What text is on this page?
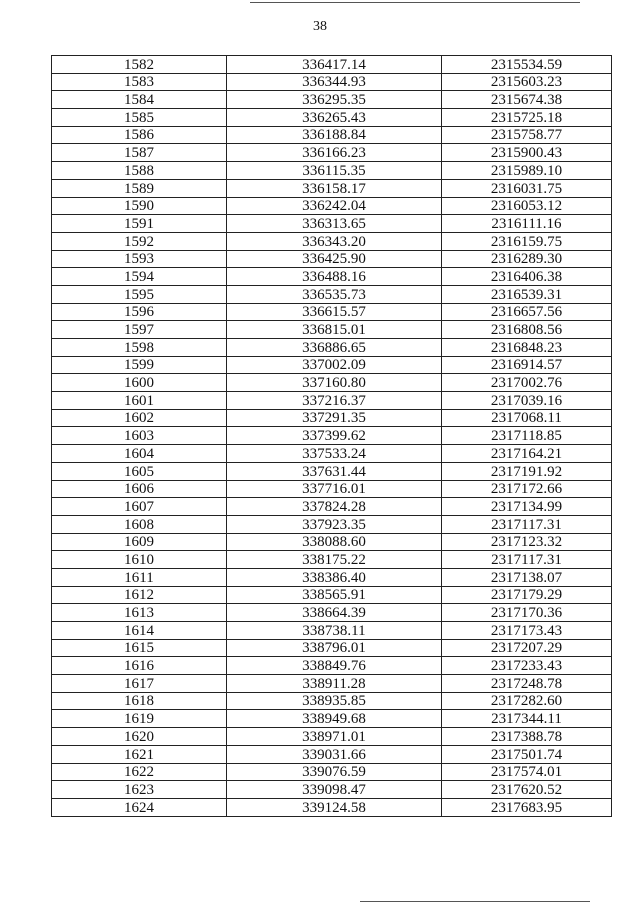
38
1582	336417.14	2315534.59
1583	336344.93	2315603.23
1584	336295.35	2315674.38
1585	336265.43	2315725.18
1586	336188.84	2315758.77
1587	336166.23	2315900.43
1588	336115.35	2315989.10
1589	336158.17	2316031.75
1590	336242.04	2316053.12
1591	336313.65	2316111.16
1592	336343.20	2316159.75
1593	336425.90	2316289.30
1594	336488.16	2316406.38
1595	336535.73	2316539.31
1596	336615.57	2316657.56
1597	336815.01	2316808.56
1598	336886.65	2316848.23
1599	337002.09	2316914.57
1600	337160.80	2317002.76
1601	337216.37	2317039.16
1602	337291.35	2317068.11
1603	337399.62	2317118.85
1604	337533.24	2317164.21
1605	337631.44	2317191.92
1606	337716.01	2317172.66
1607	337824.28	2317134.99
1608	337923.35	2317117.31
1609	338088.60	2317123.32
1610	338175.22	2317117.31
1611	338386.40	2317138.07
1612	338565.91	2317179.29
1613	338664.39	2317170.36
1614	338738.11	2317173.43
1615	338796.01	2317207.29
1616	338849.76	2317233.43
1617	338911.28	2317248.78
1618	338935.85	2317282.60
1619	338949.68	2317344.11
1620	338971.01	2317388.78
1621	339031.66	2317501.74
1622	339076.59	2317574.01
1623	339098.47	2317620.52
1624	339124.58	2317683.95
